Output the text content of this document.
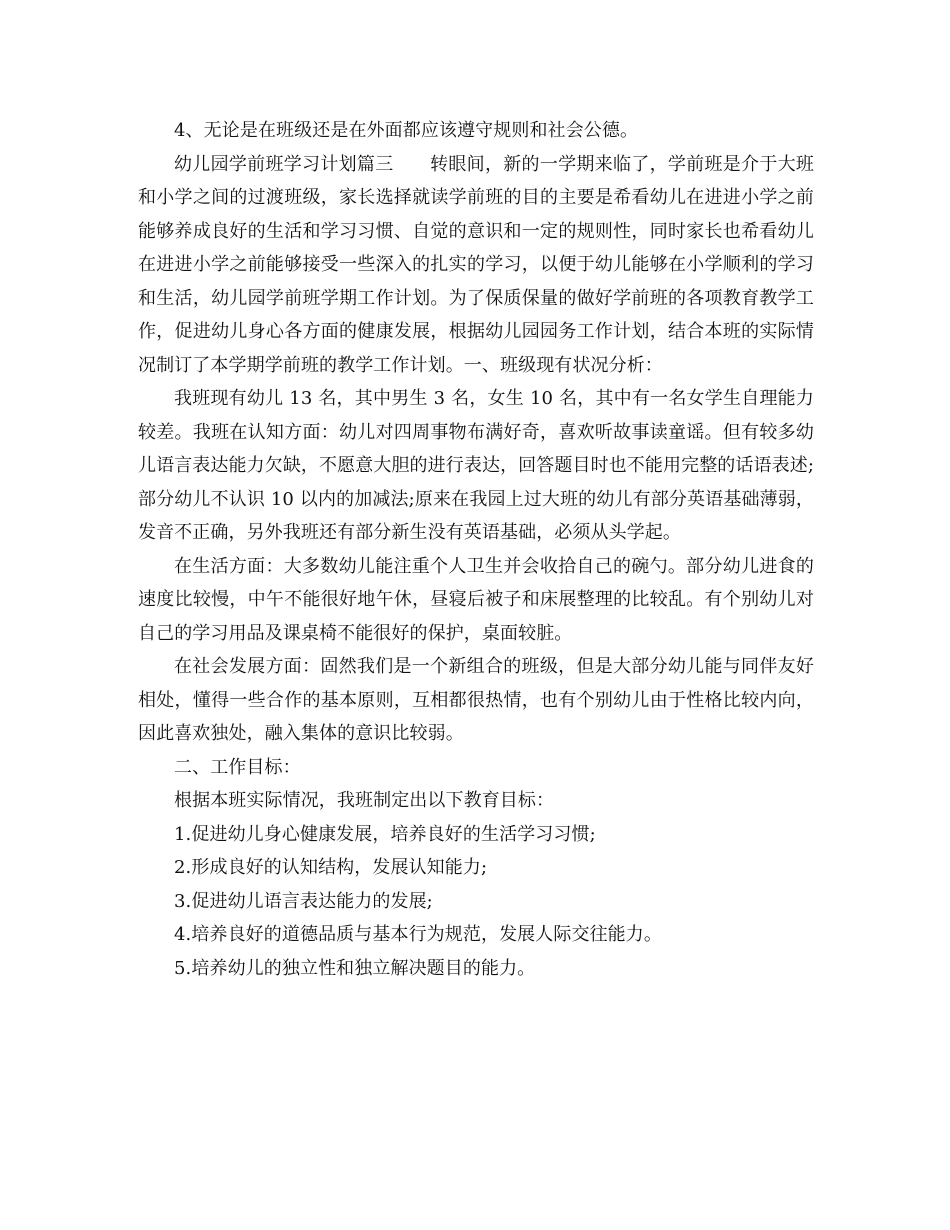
4、无论是在班级还是在外面都应该遵守规则和社会公德。

幼儿园学前班学习计划篇三　　转眼间，新的一学期来临了，学前班是介于大班和小学之间的过渡班级，家长选择就读学前班的目的主要是希看幼儿在进进小学之前能够养成良好的生活和学习习惯、自觉的意识和一定的规则性，同时家长也希看幼儿在进进小学之前能够接受一些深入的扎实的学习，以便于幼儿能够在小学顺利的学习和生活，幼儿园学前班学期工作计划。为了保质保量的做好学前班的各项教育教学工作，促进幼儿身心各方面的健康发展，根据幼儿园园务工作计划，结合本班的实际情况制订了本学期学前班的教学工作计划。一、班级现有状况分析：

我班现有幼儿 13 名，其中男生 3 名，女生 10 名，其中有一名女学生自理能力较差。我班在认知方面：幼儿对四周事物布满好奇，喜欢听故事读童谣。但有较多幼儿语言表达能力欠缺，不愿意大胆的进行表达，回答题目时也不能用完整的话语表述;部分幼儿不认识 10 以内的加减法;原来在我园上过大班的幼儿有部分英语基础薄弱，发音不正确，另外我班还有部分新生没有英语基础，必须从头学起。

在生活方面：大多数幼儿能注重个人卫生并会收拾自己的碗勺。部分幼儿进食的速度比较慢，中午不能很好地午休，昼寝后被子和床展整理的比较乱。有个别幼儿对自己的学习用品及课桌椅不能很好的保护，桌面较脏。

在社会发展方面：固然我们是一个新组合的班级，但是大部分幼儿能与同伴友好相处，懂得一些合作的基本原则，互相都很热情，也有个别幼儿由于性格比较内向，因此喜欢独处，融入集体的意识比较弱。

二、工作目标：

根据本班实际情况，我班制定出以下教育目标：

1.促进幼儿身心健康发展，培养良好的生活学习习惯;

2.形成良好的认知结构，发展认知能力;

3.促进幼儿语言表达能力的发展;

4.培养良好的道德品质与基本行为规范，发展人际交往能力。

5.培养幼儿的独立性和独立解决题目的能力。
